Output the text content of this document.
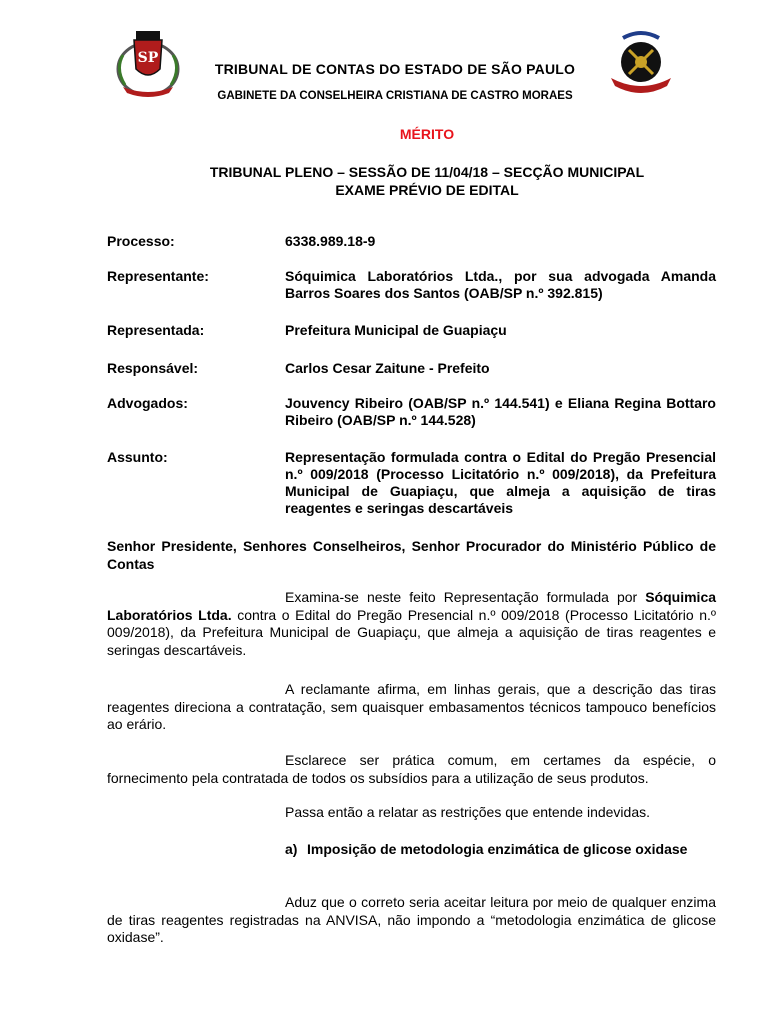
SP
TRIBUNAL DE CONTAS DO ESTADO DE SÃO PAULO
GABINETE DA CONSELHEIRA CRISTIANA DE CASTRO MORAES
MÉRITO
TRIBUNAL PLENO – SESSÃO DE 11/04/18 – SECÇÃO MUNICIPAL
EXAME PRÉVIO DE EDITAL
Processo:	6338.989.18-9
Representante:	Sóquimica Laboratórios Ltda., por sua advogada Amanda Barros Soares dos Santos (OAB/SP n.º 392.815)
Representada:	Prefeitura Municipal de Guapiaçu
Responsável:	Carlos Cesar Zaitune - Prefeito
Advogados:	Jouvency Ribeiro (OAB/SP n.º 144.541) e Eliana Regina Bottaro Ribeiro (OAB/SP n.º 144.528)
Assunto:	Representação formulada contra o Edital do Pregão Presencial n.º 009/2018 (Processo Licitatório n.º 009/2018), da Prefeitura Municipal de Guapiaçu, que almeja a aquisição de tiras reagentes e seringas descartáveis
Senhor Presidente, Senhores Conselheiros, Senhor Procurador do Ministério Público de Contas
Examina-se neste feito Representação formulada por Sóquimica Laboratórios Ltda. contra o Edital do Pregão Presencial n.º 009/2018 (Processo Licitatório n.º 009/2018), da Prefeitura Municipal de Guapiaçu, que almeja a aquisição de tiras reagentes e seringas descartáveis.
A reclamante afirma, em linhas gerais, que a descrição das tiras reagentes direciona a contratação, sem quaisquer embasamentos técnicos tampouco benefícios ao erário.
Esclarece ser prática comum, em certames da espécie, o fornecimento pela contratada de todos os subsídios para a utilização de seus produtos.
Passa então a relatar as restrições que entende indevidas.
a) Imposição de metodologia enzimática de glicose oxidase
Aduz que o correto seria aceitar leitura por meio de qualquer enzima de tiras reagentes registradas na ANVISA, não impondo a “metodologia enzimática de glicose oxidase”.
